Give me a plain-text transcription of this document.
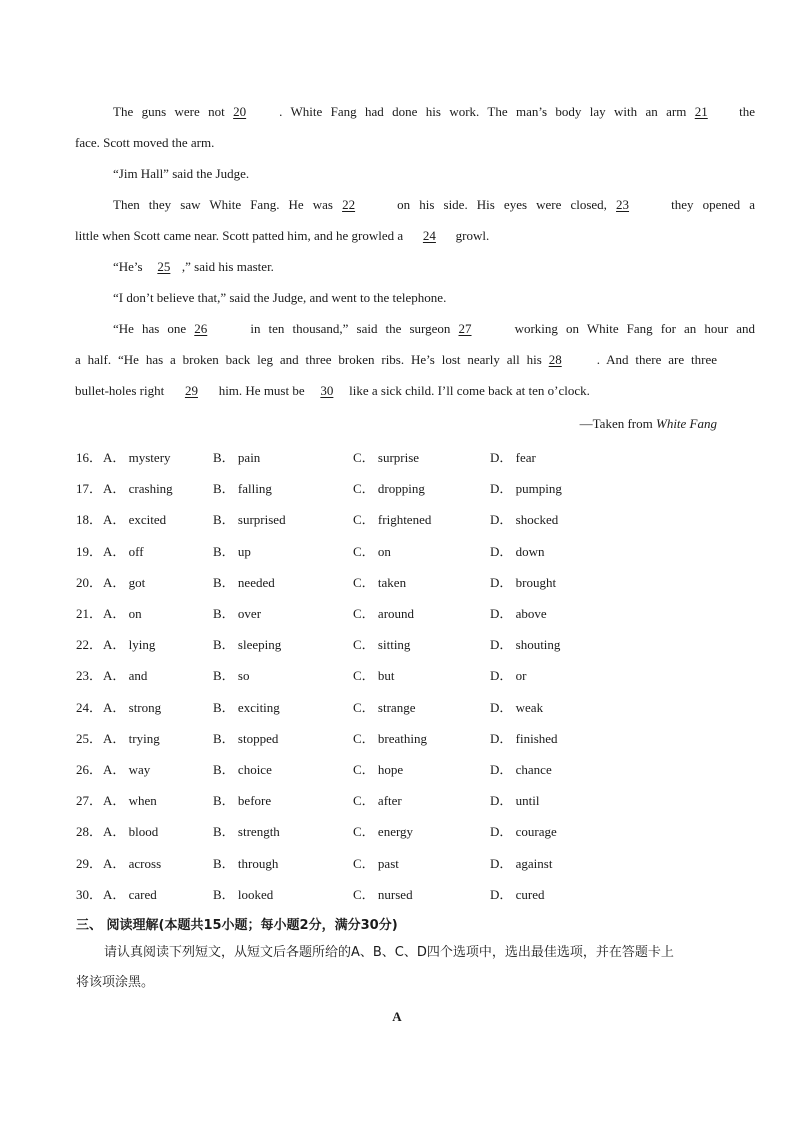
The guns were not 20	. White Fang had done his work. The man’s body lay with an arm 21 the
face. Scott moved the arm.
“Jim Hall” said the Judge.
Then they saw White Fang. He was 22	on his side. His eyes were closed, 23	they opened a
little when Scott came near. Scott patted him, and he growled a 24 growl.
“He’s 25 ,” said his master.
“I don’t believe that,” said the Judge, and went to the telephone.
“He has one 26	in ten thousand,” said the surgeon 27	working on White Fang for an hour and
a half. “He has a broken back leg and three broken ribs. He’s lost nearly all his 28	. And there are three
bullet-holes right 29 him. He must be 30 like a sick child. I’ll come back at ten o’clock.
—Taken from White Fang
16． A． mystery	B． pain	C． surprise	D． fear
17． A． crashing	B． falling	C． dropping	D． pumping
18． A． excited	B． surprised	C． frightened	D． shocked
19． A． off	B． up	C． on	D． down
20． A． got	B． needed	C． taken	D． brought
21． A． on	B． over	C． around	D． above
22． A． lying	B． sleeping	C． sitting	D． shouting
23． A． and	B． so	C． but	D． or
24． A． strong	B． exciting	C． strange	D． weak
25． A． trying	B． stopped	C． breathing	D． finished
26． A． way	B． choice	C． hope	D． chance
27． A． when	B． before	C． after	D． until
28． A． blood	B． strength	C． energy	D． courage
29． A． across	B． through	C． past	D． against
30． A． cared	B． looked	C． nursed	D． cured
三、 阅读理解(本题共15小题；每小题2分，满分30分)
请认真阅读下列短文，从短文后各题所给的A、B、C、D四个选项中，选出最佳选项，并在答题卡上
将该项涂黑。
A
